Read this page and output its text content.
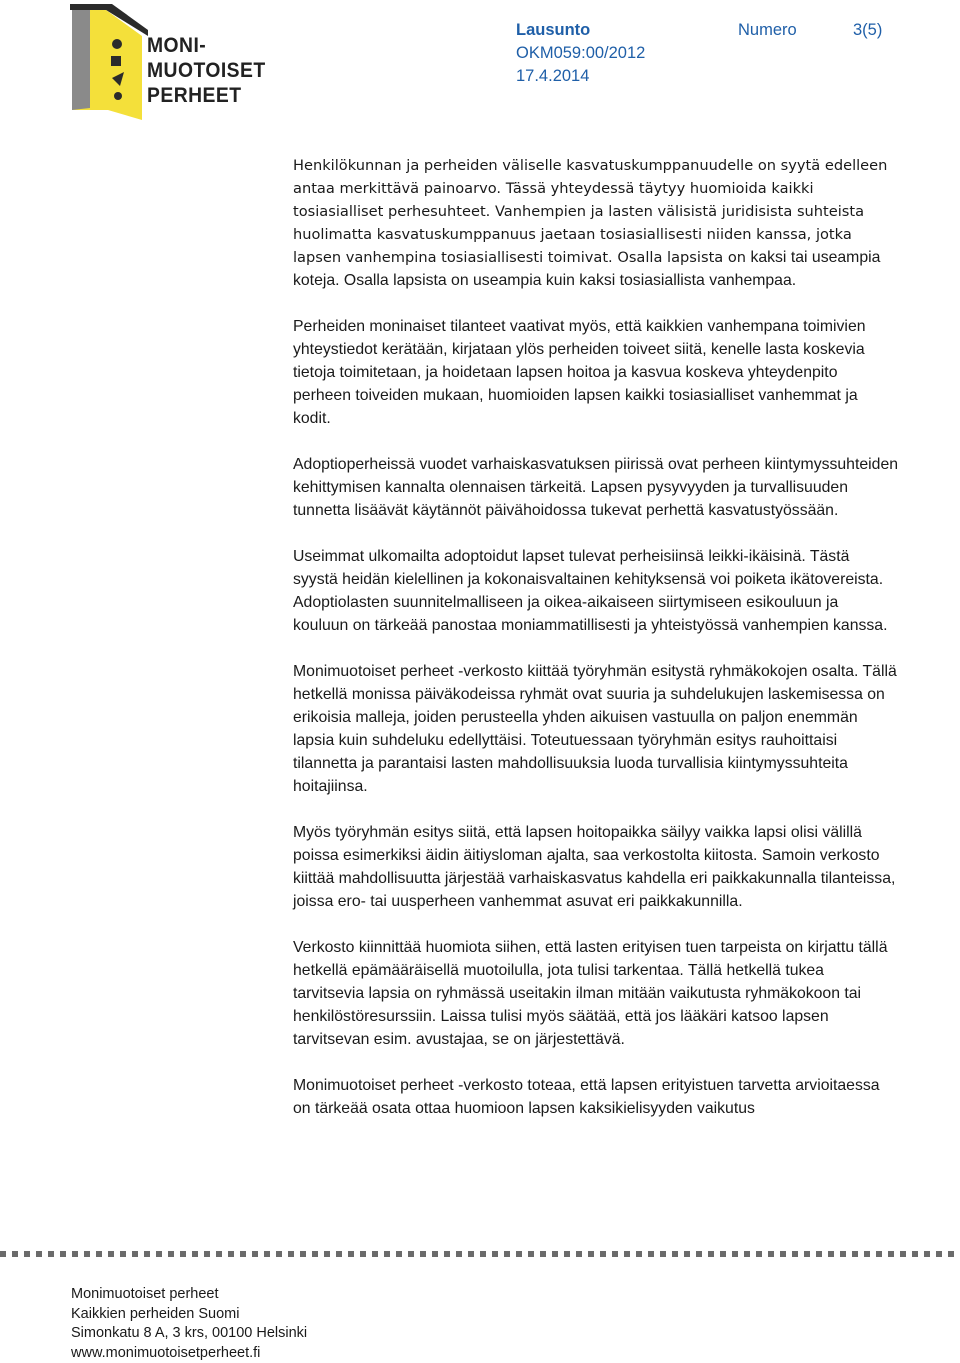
MONI-
MUOTOISET
PERHEET
Lausunto	Numero	3(5)
OKM059:00/2012
17.4.2014

Henkilökunnan ja perheiden väliselle kasvatuskumppanuudelle on syytä edelleen antaa merkittävä painoarvo. Tässä yhteydessä täytyy huomioida kaikki tosiasialliset perhesuhteet. Vanhempien ja lasten välisistä juridisista suhteista huolimatta kasvatuskumppanuus jaetaan tosiasiallisesti niiden kanssa, jotka lapsen vanhempina tosiasiallisesti toimivat. Osalla lapsista on kaksi tai useampia koteja. Osalla lapsista on useampia kuin kaksi tosiasiallista vanhempaa.

Perheiden moninaiset tilanteet vaativat myös, että kaikkien vanhempana toimivien yhteystiedot kerätään, kirjataan ylös perheiden toiveet siitä, kenelle lasta koskevia tietoja toimitetaan, ja hoidetaan lapsen hoitoa ja kasvua koskeva yhteydenpito perheen toiveiden mukaan, huomioiden lapsen kaikki tosiasialliset vanhemmat ja kodit.

Adoptioperheissä vuodet varhaiskasvatuksen piirissä ovat perheen kiintymyssuhteiden kehittymisen kannalta olennaisen tärkeitä. Lapsen pysyvyyden ja turvallisuuden tunnetta lisäävät käytännöt päivähoidossa tukevat perhettä kasvatustyössään.

Useimmat ulkomailta adoptoidut lapset tulevat perheisiinsä leikki-ikäisinä. Tästä syystä heidän kielellinen ja kokonaisvaltainen kehityksensä voi poiketa ikätovereista. Adoptiolasten suunnitelmalliseen ja oikea-aikaiseen siirtymiseen esikouluun ja kouluun on tärkeää panostaa moniammatillisesti ja yhteistyössä vanhempien kanssa.

Monimuotoiset perheet -verkosto kiittää työryhmän esitystä ryhmäkokojen osalta. Tällä hetkellä monissa päiväkodeissa ryhmät ovat suuria ja suhdelukujen laskemisessa on erikoisia malleja, joiden perusteella yhden aikuisen vastuulla on paljon enemmän lapsia kuin suhdeluku edellyttäisi. Toteutuessaan työryhmän esitys rauhoittaisi tilannetta ja parantaisi lasten mahdollisuuksia luoda turvallisia kiintymyssuhteita hoitajiinsa.

Myös työryhmän esitys siitä, että lapsen hoitopaikka säilyy vaikka lapsi olisi välillä poissa esimerkiksi äidin äitiysloman ajalta, saa verkostolta kiitosta. Samoin verkosto kiittää mahdollisuutta järjestää varhaiskasvatus kahdella eri paikkakunnalla tilanteissa, joissa ero- tai uusperheen vanhemmat asuvat eri paikkakunnilla.

Verkosto kiinnittää huomiota siihen, että lasten erityisen tuen tarpeista on kirjattu tällä hetkellä epämääräisellä muotoilulla, jota tulisi tarkentaa. Tällä hetkellä tukea tarvitsevia lapsia on ryhmässä useitakin ilman mitään vaikutusta ryhmäkokoon tai henkilöstöresurssiin. Laissa tulisi myös säätää, että jos lääkäri katsoo lapsen tarvitsevan esim. avustajaa, se on järjestettävä.

Monimuotoiset perheet -verkosto toteaa, että lapsen erityistuen tarvetta arvioitaessa on tärkeää osata ottaa huomioon lapsen kaksikielisyyden vaikutus

Monimuotoiset perheet
Kaikkien perheiden Suomi
Simonkatu 8 A, 3 krs, 00100 Helsinki
www.monimuotoisetperheet.fi
